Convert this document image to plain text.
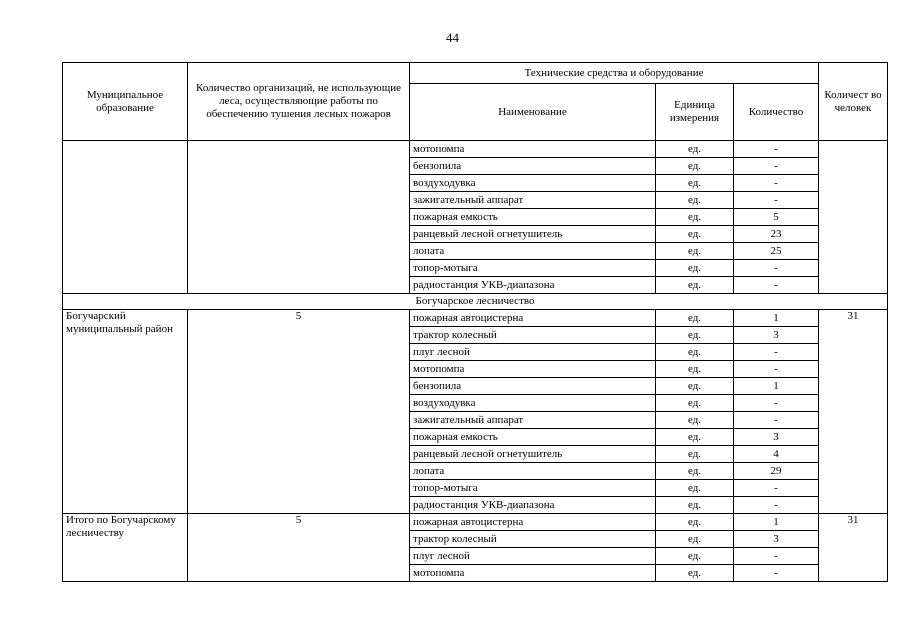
44
Муниципальное образование	Количество организаций, не использующие леса, осуществляющие работы по обеспечению тушения лесных пожаров	Технические средства и оборудование			Количест во человек
		Наименование	Единица измерения	Количество	
		мотопомпа	ед.	-	
		бензопила	ед.	-	
		воздуходувка	ед.	-	
		зажигательный аппарат	ед.	-	
		пожарная емкость	ед.	5	
		ранцевый лесной огнетушитель	ед.	23	
		лопата	ед.	25	
		топор-мотыга	ед.	-	
		радиостанция УКВ-диапазона	ед.	-	
Богучарское лесничество					
Богучарский муниципальный район	5	пожарная автоцистерна	ед.	1	31
		трактор колесный	ед.	3	
		плуг лесной	ед.	-	
		мотопомпа	ед.	-	
		бензопила	ед.	1	
		воздуходувка	ед.	-	
		зажигательный аппарат	ед.	-	
		пожарная емкость	ед.	3	
		ранцевый лесной огнетушитель	ед.	4	
		лопата	ед.	29	
		топор-мотыга	ед.	-	
		радиостанция УКВ-диапазона	ед.	-	
Итого по Богучарскому лесничеству	5	пожарная автоцистерна	ед.	1	31
		трактор колесный	ед.	3	
		плуг лесной	ед.	-	
		мотопомпа	ед.	-	
